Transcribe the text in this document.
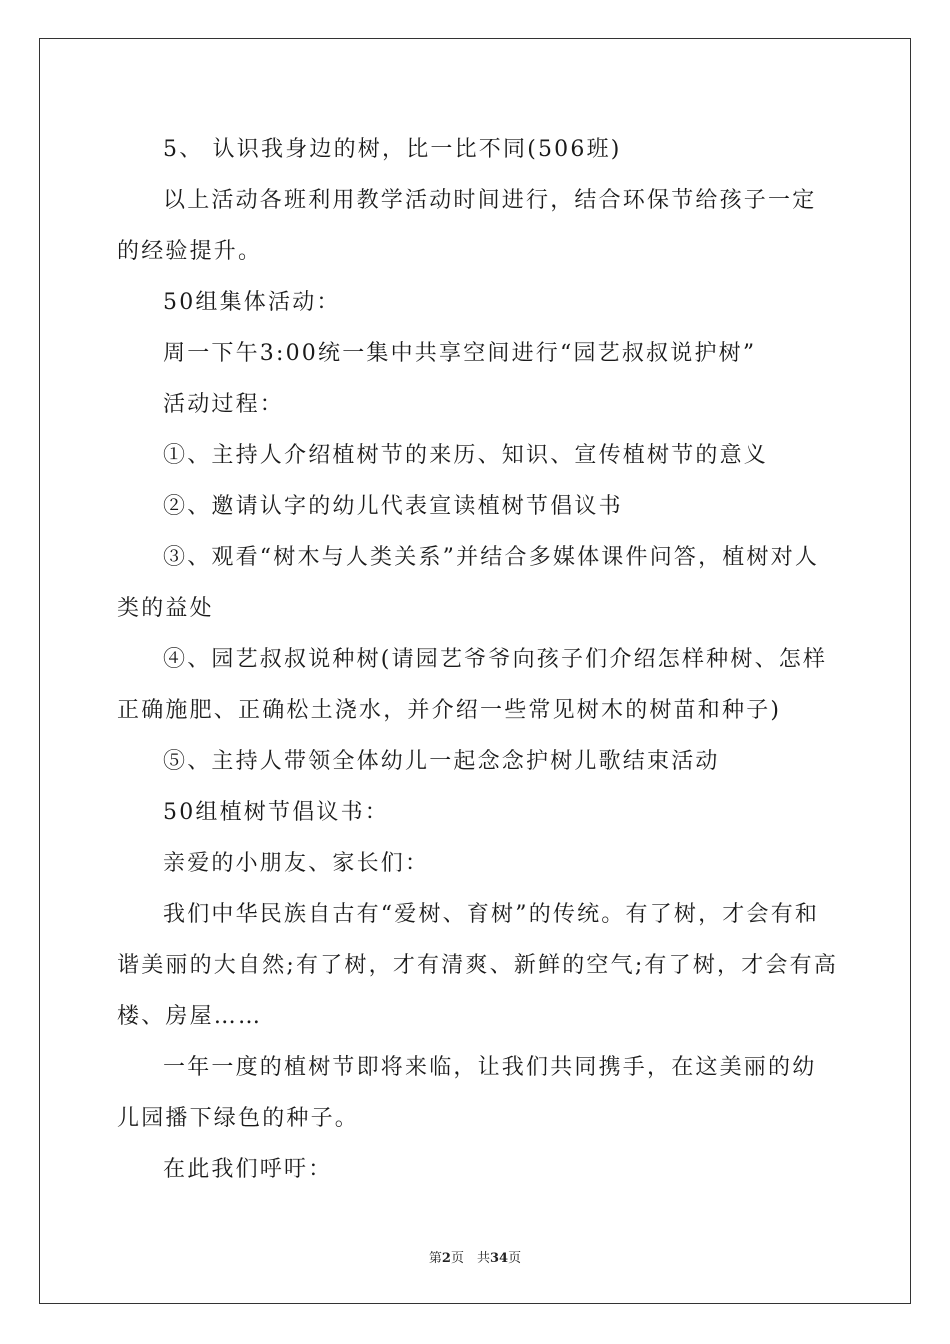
5、 认识我身边的树，比一比不同(506班)

以上活动各班利用教学活动时间进行，结合环保节给孩子一定的经验提升。

50组集体活动：

周一下午3:00统一集中共享空间进行“园艺叔叔说护树”

活动过程：

①、主持人介绍植树节的来历、知识、宣传植树节的意义

②、邀请认字的幼儿代表宣读植树节倡议书

③、观看“树木与人类关系”并结合多媒体课件问答，植树对人类的益处

④、园艺叔叔说种树(请园艺爷爷向孩子们介绍怎样种树、怎样正确施肥、正确松土浇水，并介绍一些常见树木的树苗和种子)

⑤、主持人带领全体幼儿一起念念护树儿歌结束活动

50组植树节倡议书：

亲爱的小朋友、家长们：

我们中华民族自古有“爱树、育树”的传统。有了树，才会有和谐美丽的大自然;有了树，才有清爽、新鲜的空气;有了树，才会有高楼、房屋……

一年一度的植树节即将来临，让我们共同携手，在这美丽的幼儿园播下绿色的种子。

在此我们呼吁：

第2页　共34页
